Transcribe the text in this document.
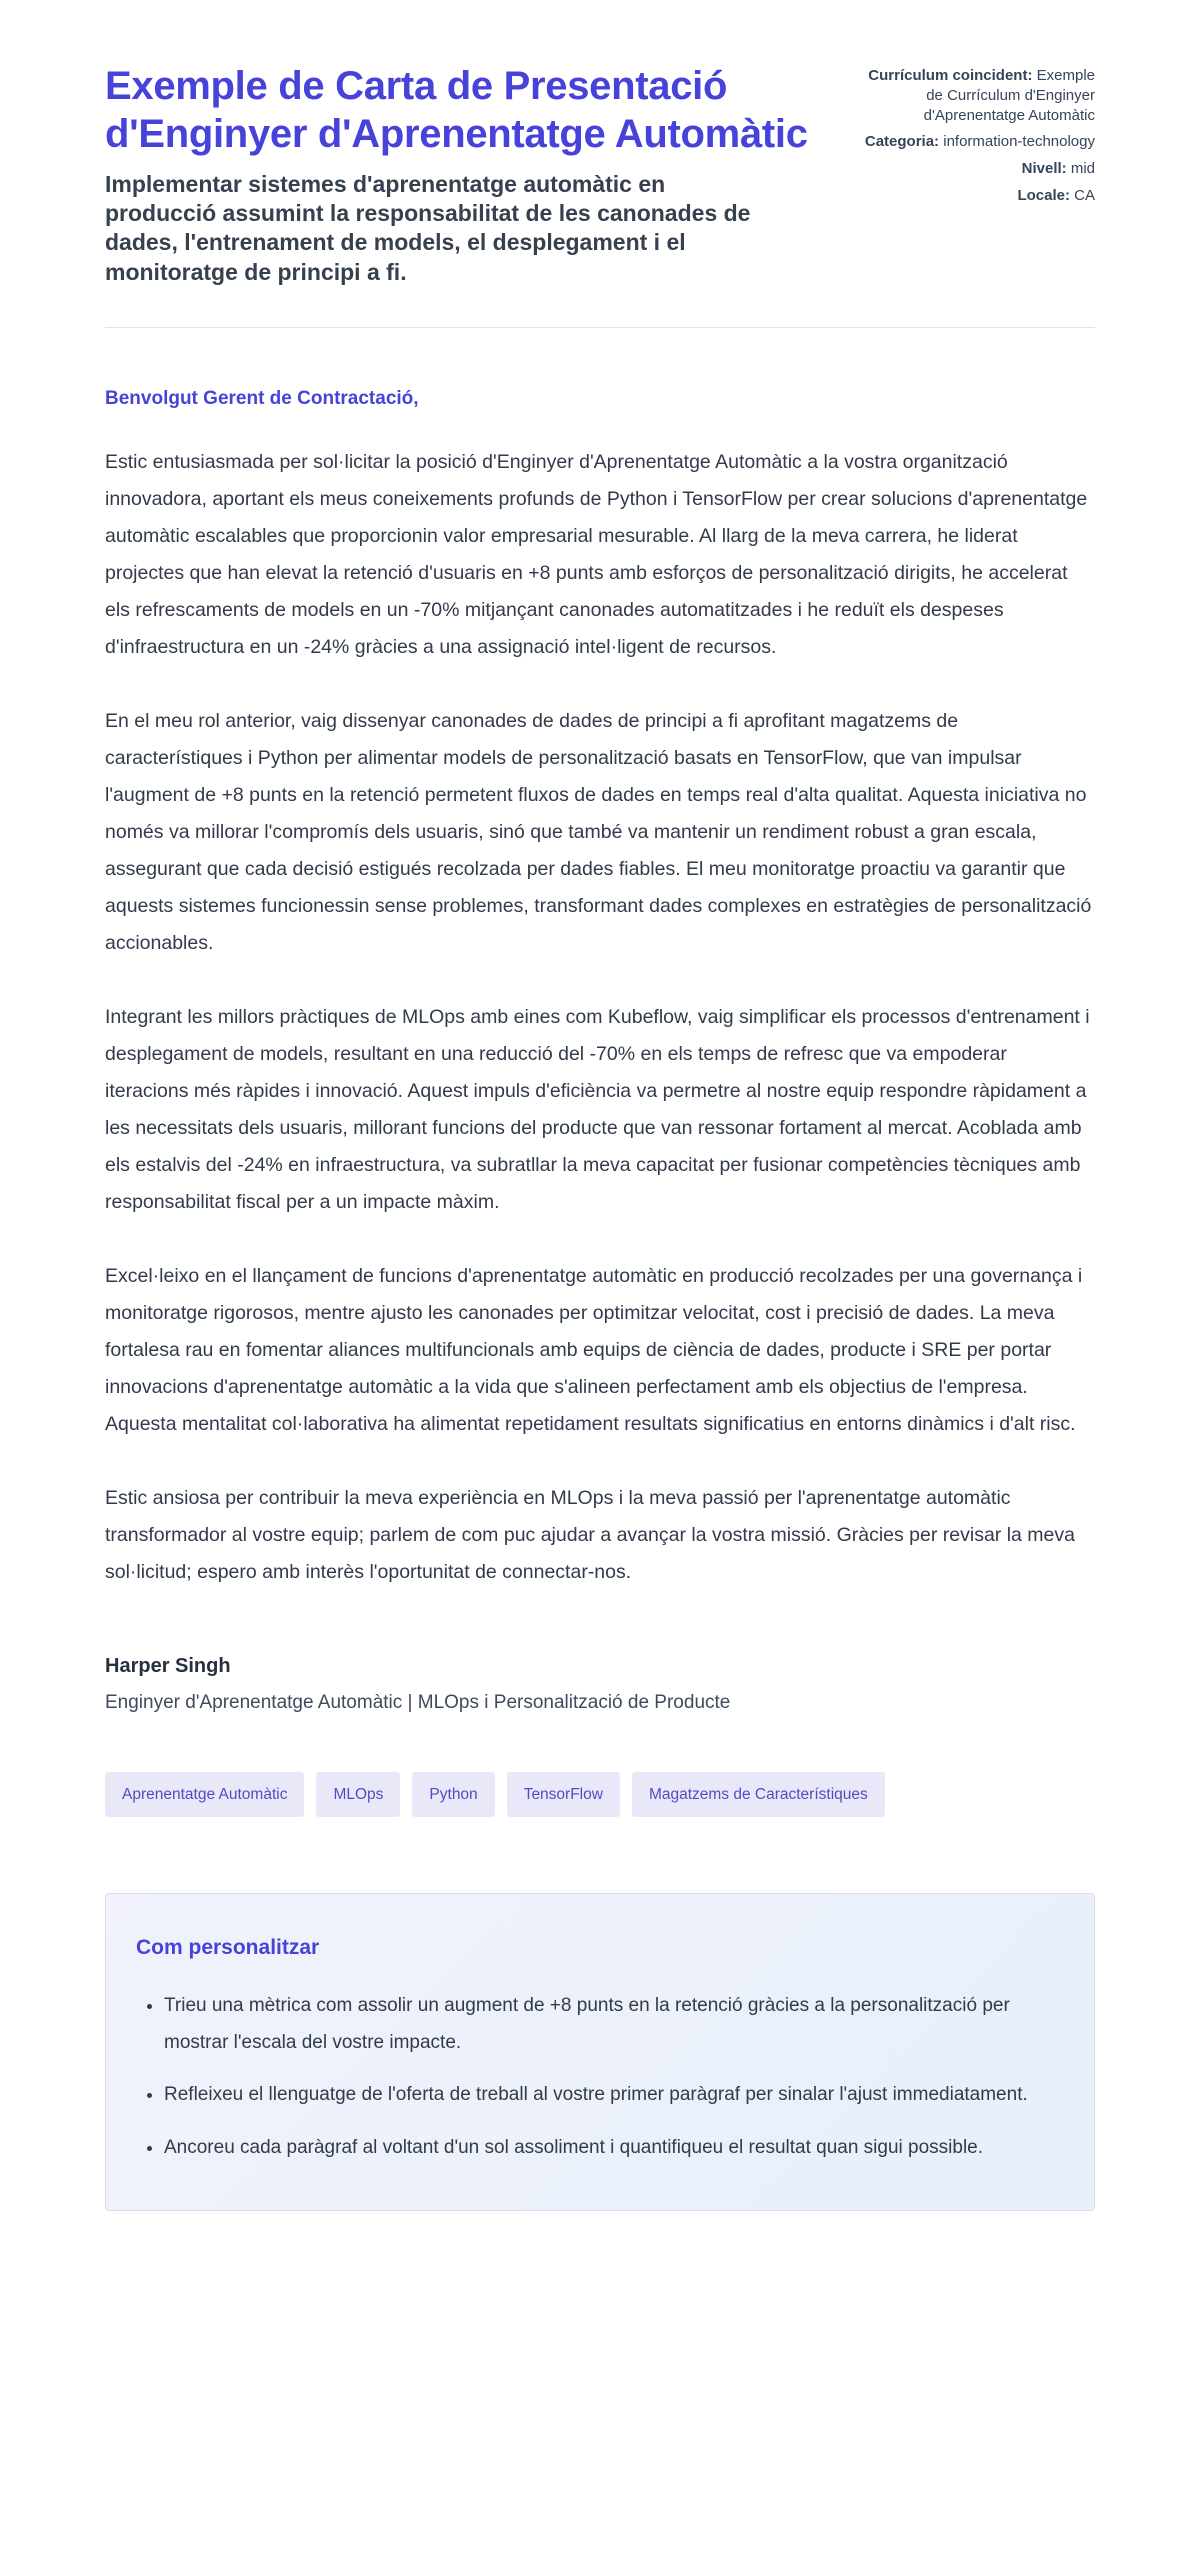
Exemple de Carta de Presentació d'Enginyer d'Aprenentatge Automàtic

Implementar sistemes d'aprenentatge automàtic en producció assumint la responsabilitat de les canonades de dades, l'entrenament de models, el desplegament i el monitoratge de principi a fi.

Currículum coincident: Exemple de Currículum d'Enginyer d'Aprenentatge Automàtic
Categoria: information-technology
Nivell: mid
Locale: CA

Benvolgut Gerent de Contractació,

Estic entusiasmada per sol·licitar la posició d'Enginyer d'Aprenentatge Automàtic a la vostra organització innovadora, aportant els meus coneixements profunds de Python i TensorFlow per crear solucions d'aprenentatge automàtic escalables que proporcionin valor empresarial mesurable. Al llarg de la meva carrera, he liderat projectes que han elevat la retenció d'usuaris en +8 punts amb esforços de personalització dirigits, he accelerat els refrescaments de models en un -70% mitjançant canonades automatitzades i he reduït els despeses d'infraestructura en un -24% gràcies a una assignació intel·ligent de recursos.

En el meu rol anterior, vaig dissenyar canonades de dades de principi a fi aprofitant magatzems de característiques i Python per alimentar models de personalització basats en TensorFlow, que van impulsar l'augment de +8 punts en la retenció permetent fluxos de dades en temps real d'alta qualitat. Aquesta iniciativa no només va millorar l'compromís dels usuaris, sinó que també va mantenir un rendiment robust a gran escala, assegurant que cada decisió estigués recolzada per dades fiables. El meu monitoratge proactiu va garantir que aquests sistemes funcionessin sense problemes, transformant dades complexes en estratègies de personalització accionables.

Integrant les millors pràctiques de MLOps amb eines com Kubeflow, vaig simplificar els processos d'entrenament i desplegament de models, resultant en una reducció del -70% en els temps de refresc que va empoderar iteracions més ràpides i innovació. Aquest impuls d'eficiència va permetre al nostre equip respondre ràpidament a les necessitats dels usuaris, millorant funcions del producte que van ressonar fortament al mercat. Acoblada amb els estalvis del -24% en infraestructura, va subratllar la meva capacitat per fusionar competències tècniques amb responsabilitat fiscal per a un impacte màxim.

Excel·leixo en el llançament de funcions d'aprenentatge automàtic en producció recolzades per una governança i monitoratge rigorosos, mentre ajusto les canonades per optimitzar velocitat, cost i precisió de dades. La meva fortalesa rau en fomentar aliances multifuncionals amb equips de ciència de dades, producte i SRE per portar innovacions d'aprenentatge automàtic a la vida que s'alineen perfectament amb els objectius de l'empresa. Aquesta mentalitat col·laborativa ha alimentat repetidament resultats significatius en entorns dinàmics i d'alt risc.

Estic ansiosa per contribuir la meva experiència en MLOps i la meva passió per l'aprenentatge automàtic transformador al vostre equip; parlem de com puc ajudar a avançar la vostra missió. Gràcies per revisar la meva sol·licitud; espero amb interès l'oportunitat de connectar-nos.

Harper Singh

Enginyer d'Aprenentatge Automàtic | MLOps i Personalització de Producte

Aprenentatge Automàtic	MLOps	Python	TensorFlow	Magatzems de Característiques
Com personalitzar
• Trieu una mètrica com assolir un augment de +8 punts en la retenció gràcies a la personalització per mostrar l'escala del vostre impacte.
• Refleixeu el llenguatge de l'oferta de treball al vostre primer paràgraf per sinalar l'ajust immediatament.
• Ancoreu cada paràgraf al voltant d'un sol assoliment i quantifiqueu el resultat quan sigui possible.
